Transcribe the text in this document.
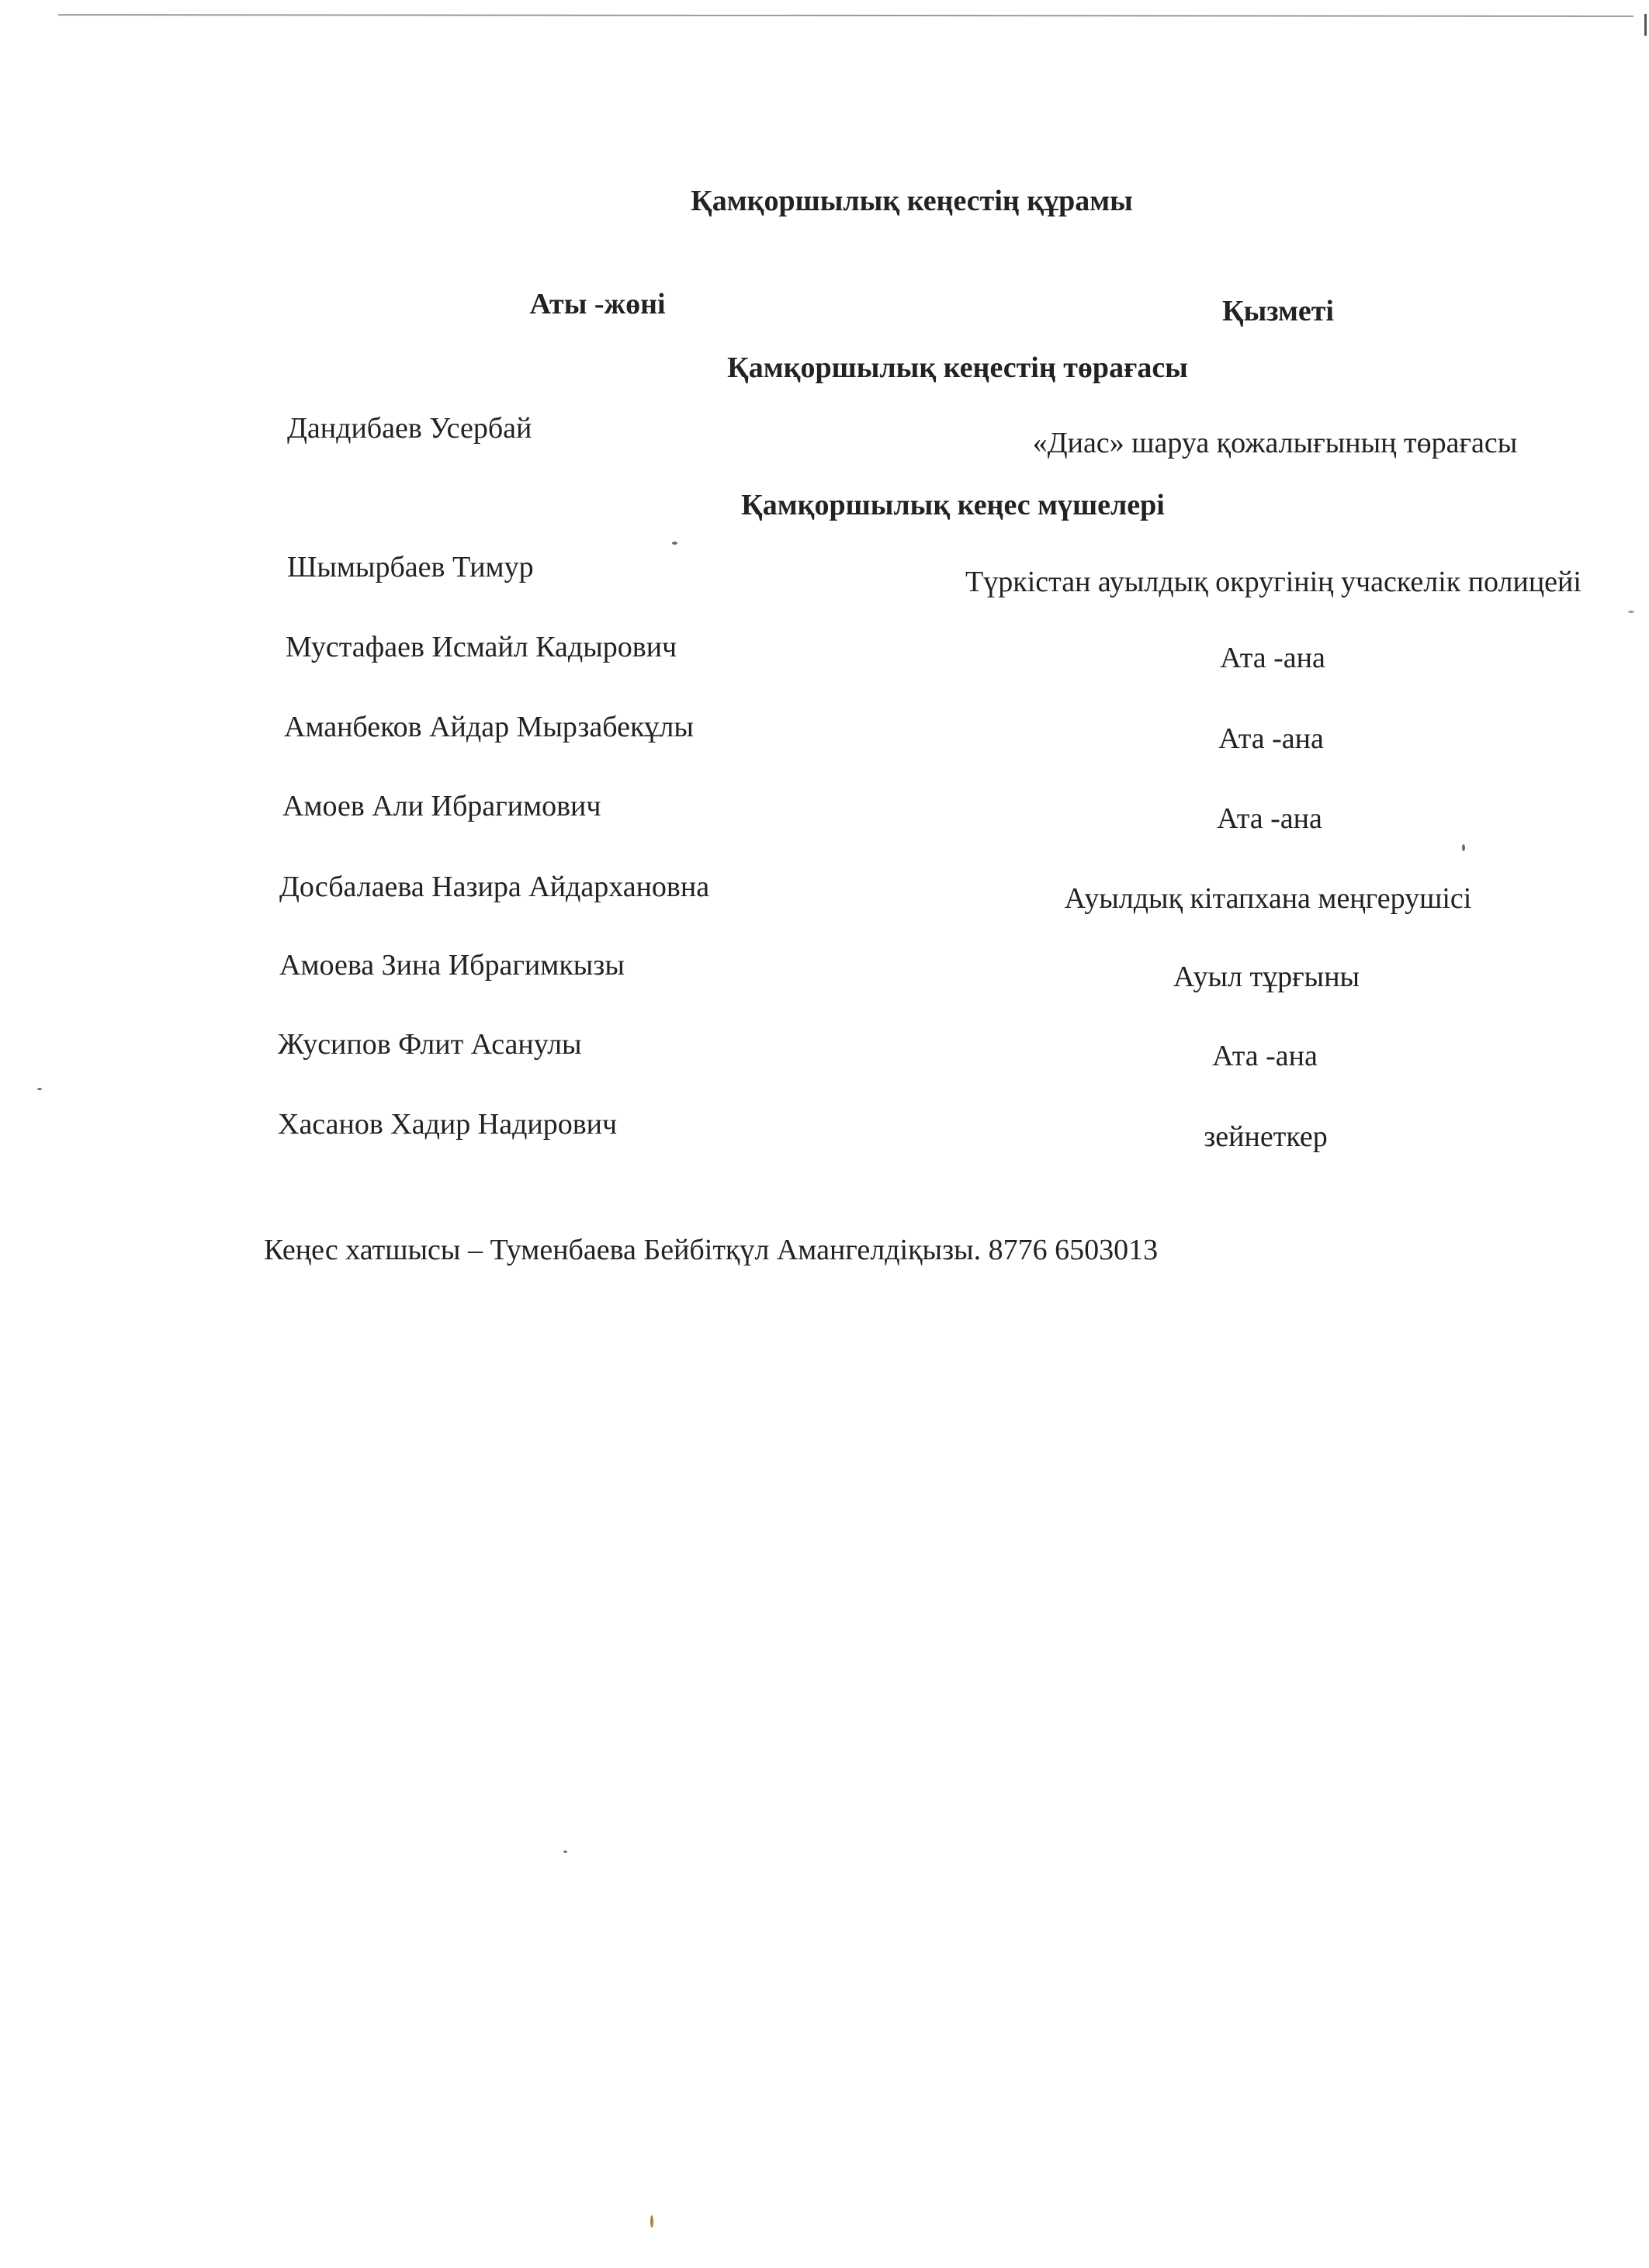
Қамқоршылық кеңестің құрамы
Аты -жөні	Қызметі
Қамқоршылық кеңестің төрағасы
Дандибаев Усербай	«Диас» шаруа қожалығының төрағасы
Қамқоршылық кеңес мүшелері
Шымырбаев Тимур	Түркістан ауылдық округінің учаскелік полицейі
Мустафаев Исмайл Кадырович	Ата -ана
Аманбеков Айдар Мырзабекұлы	Ата -ана
Амоев Али Ибрагимович	Ата -ана
Досбалаева Назира Айдархановна	Ауылдық кітапхана меңгерушісі
Амоева Зина Ибрагимкызы	Ауыл тұрғыны
Жусипов Флит Асанулы	Ата -ана
Хасанов Хадир Надирович	зейнеткер
Кеңес хатшысы – Туменбаева Бейбітқүл Амангелдіқызы. 8776 6503013
